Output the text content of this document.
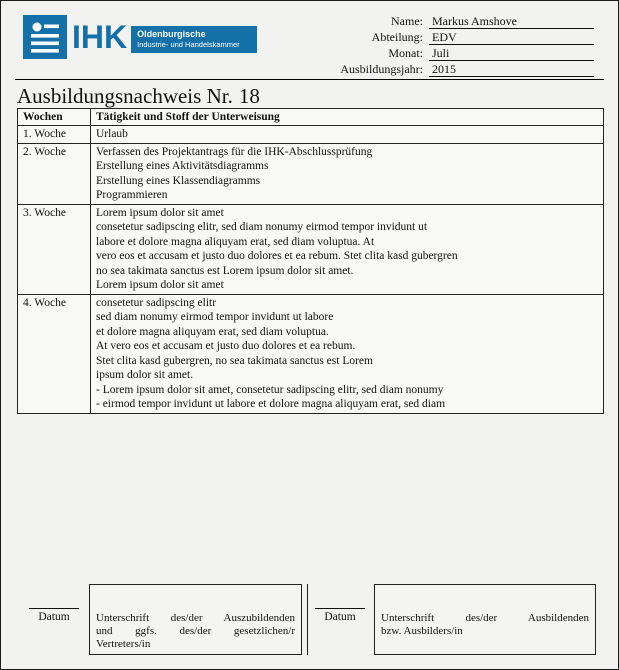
IHK Oldenburgische
Industrie- und Handelskammer
Name: Markus Amshove
Abteilung: EDV
Monat: Juli
Ausbildungsjahr: 2015
Ausbildungsnachweis Nr. 18
Wochen	Tätigkeit und Stoff der Unterweisung
1. Woche	Urlaub

2. Woche	Verfassen des Projektantrags für die IHK-Abschlussprüfung
Erstellung eines Aktivitätsdiagramms
Erstellung eines Klassendiagramms
Programmieren

3. Woche	Lorem ipsum dolor sit amet
consetetur sadipscing elitr, sed diam nonumy eirmod tempor invidunt ut
labore et dolore magna aliquyam erat, sed diam voluptua. At
vero eos et accusam et justo duo dolores et ea rebum. Stet clita kasd gubergren
no sea takimata sanctus est Lorem ipsum dolor sit amet.
Lorem ipsum dolor sit amet

4. Woche	consetetur sadipscing elitr
sed diam nonumy eirmod tempor invidunt ut labore
et dolore magna aliquyam erat, sed diam voluptua.
At vero eos et accusam et justo duo dolores et ea rebum.
Stet clita kasd gubergren, no sea takimata sanctus est Lorem
ipsum dolor sit amet.
- Lorem ipsum dolor sit amet, consetetur sadipscing elitr, sed diam nonumy
- eirmod tempor invidunt ut labore et dolore magna aliquyam erat, sed diam
Datum	Unterschrift des/der Auszubildenden
und ggfs. des/der gesetzlichen/r
Vertreters/in
Datum	Unterschrift des/der Ausbildenden
bzw. Ausbilders/in
